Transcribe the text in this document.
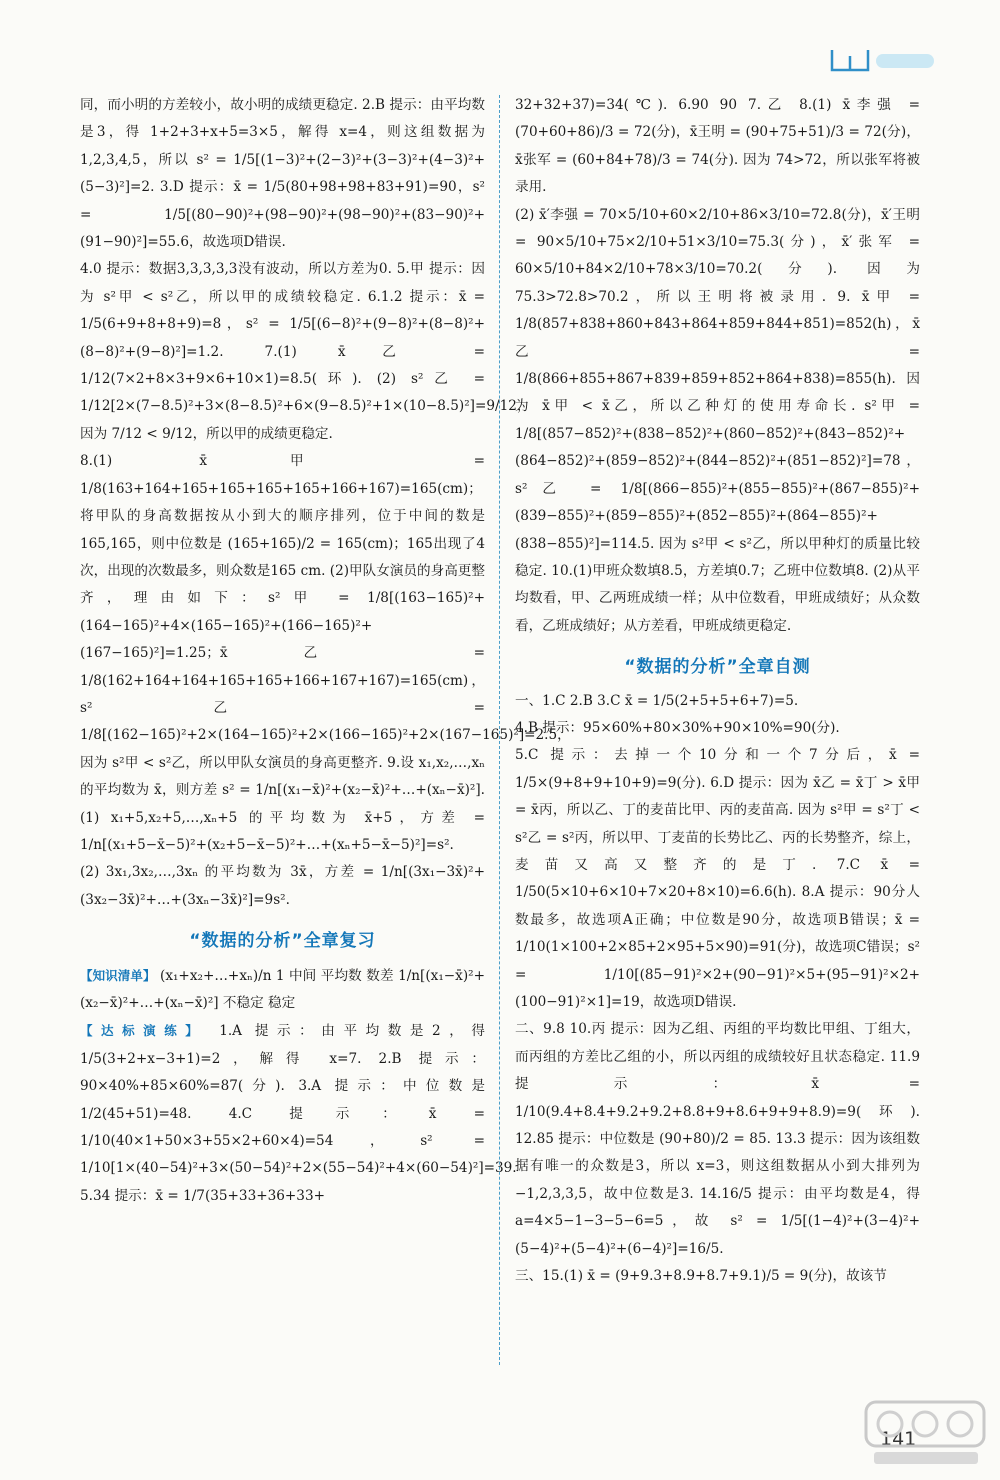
同，而小明的方差较小，故小明的成绩更稳定. 2.B 提示：由平均数是3，得 1+2+3+x+5=3×5，解得 x=4，则这组数据为1,2,3,4,5，所以 s² = 1/5[(1−3)²+(2−3)²+(3−3)²+(4−3)²+(5−3)²]=2. 3.D 提示：x̄ = 1/5(80+98+98+83+91)=90，s² = 1/5[(80−90)²+(98−90)²+(98−90)²+(83−90)²+(91−90)²]=55.6，故选项D错误.

4.0 提示：数据3,3,3,3,3没有波动，所以方差为0. 5.甲 提示：因为 s²甲 < s²乙，所以甲的成绩较稳定. 6.1.2 提示：x̄ = 1/5(6+9+8+8+9)=8，s² = 1/5[(6−8)²+(9−8)²+(8−8)²+(8−8)²+(9−8)²]=1.2. 7.(1) x̄乙 = 1/12(7×2+8×3+9×6+10×1)=8.5(环). (2) s²乙 = 1/12[2×(7−8.5)²+3×(8−8.5)²+6×(9−8.5)²+1×(10−8.5)²]=9/12，因为 7/12 < 9/12，所以甲的成绩更稳定.

8.(1) x̄甲 = 1/8(163+164+165+165+165+165+166+167)=165(cm)；将甲队的身高数据按从小到大的顺序排列，位于中间的数是165,165，则中位数是 (165+165)/2 = 165(cm)；165出现了4次，出现的次数最多，则众数是165 cm. (2)甲队女演员的身高更整齐，理由如下：s²甲 = 1/8[(163−165)²+(164−165)²+4×(165−165)²+(166−165)²+(167−165)²]=1.25；x̄乙 = 1/8(162+164+164+165+165+166+167+167)=165(cm)，s²乙 = 1/8[(162−165)²+2×(164−165)²+2×(166−165)²+2×(167−165)²]=2.5，因为 s²甲 < s²乙，所以甲队女演员的身高更整齐. 9.设 x₁,x₂,…,xₙ 的平均数为 x̄，则方差 s² = 1/n[(x₁−x̄)²+(x₂−x̄)²+…+(xₙ−x̄)²]. (1) x₁+5,x₂+5,…,xₙ+5 的平均数为 x̄+5，方差 = 1/n[(x₁+5−x̄−5)²+(x₂+5−x̄−5)²+…+(xₙ+5−x̄−5)²]=s².

(2) 3x₁,3x₂,…,3xₙ 的平均数为 3x̄，方差 = 1/n[(3x₁−3x̄)²+(3x₂−3x̄)²+…+(3xₙ−3x̄)²]=9s².

“数据的分析”全章复习

【知识清单】 (x₁+x₂+…+xₙ)/n 1 中间 平均数 数差 1/n[(x₁−x̄)²+(x₂−x̄)²+…+(xₙ−x̄)²] 不稳定 稳定

【达标演练】 1.A 提示：由平均数是2，得 1/5(3+2+x−3+1)=2，解得 x=7. 2.B 提示：90×40%+85×60%=87(分). 3.A 提示：中位数是 1/2(45+51)=48. 4.C 提示：x̄ = 1/10(40×1+50×3+55×2+60×4)=54，s² = 1/10[1×(40−54)²+3×(50−54)²+2×(55−54)²+4×(60−54)²]=39. 5.34 提示：x̄ = 1/7(35+33+36+33+

32+32+37)=34(℃). 6.90 90 7.乙 8.(1) x̄李强 = (70+60+86)/3 = 72(分)，x̄王明 = (90+75+51)/3 = 72(分)，x̄张军 = (60+84+78)/3 = 74(分). 因为 74>72，所以张军将被录用.

(2) x̄′李强 = 70×5/10+60×2/10+86×3/10=72.8(分)，x̄′王明 = 90×5/10+75×2/10+51×3/10=75.3(分)，x̄′张军 = 60×5/10+84×2/10+78×3/10=70.2(分). 因为 75.3>72.8>70.2，所以王明将被录用. 9. x̄甲 = 1/8(857+838+860+843+864+859+844+851)=852(h)，x̄乙 = 1/8(866+855+867+839+859+852+864+838)=855(h). 因为 x̄甲 < x̄乙，所以乙种灯的使用寿命长. s²甲 = 1/8[(857−852)²+(838−852)²+(860−852)²+(843−852)²+(864−852)²+(859−852)²+(844−852)²+(851−852)²]=78，s²乙 = 1/8[(866−855)²+(855−855)²+(867−855)²+(839−855)²+(859−855)²+(852−855)²+(864−855)²+(838−855)²]=114.5. 因为 s²甲 < s²乙，所以甲种灯的质量比较稳定. 10.(1)甲班众数填8.5，方差填0.7；乙班中位数填8. (2)从平均数看，甲、乙两班成绩一样；从中位数看，甲班成绩好；从众数看，乙班成绩好；从方差看，甲班成绩更稳定.

“数据的分析”全章自测

一、1.C 2.B 3.C x̄ = 1/5(2+5+5+6+7)=5.

4.B 提示：95×60%+80×30%+90×10%=90(分).

5.C 提示：去掉一个10分和一个7分后，x̄ = 1/5×(9+8+9+10+9)=9(分). 6.D 提示：因为 x̄乙 = x̄丁 > x̄甲 = x̄丙，所以乙、丁的麦苗比甲、丙的麦苗高. 因为 s²甲 = s²丁 < s²乙 = s²丙，所以甲、丁麦苗的长势比乙、丙的长势整齐，综上，麦苗又高又整齐的是丁. 7.C x̄ = 1/50(5×10+6×10+7×20+8×10)=6.6(h). 8.A 提示：90分人数最多，故选项A正确；中位数是90分，故选项B错误；x̄ = 1/10(1×100+2×85+2×95+5×90)=91(分)，故选项C错误；s² = 1/10[(85−91)²×2+(90−91)²×5+(95−91)²×2+(100−91)²×1]=19，故选项D错误.

二、9.8 10.丙 提示：因为乙组、丙组的平均数比甲组、丁组大，而丙组的方差比乙组的小，所以丙组的成绩较好且状态稳定. 11.9 提示：x̄ = 1/10(9.4+8.4+9.2+9.2+8.8+9+8.6+9+9+8.9)=9(环). 12.85 提示：中位数是 (90+80)/2 = 85. 13.3 提示：因为该组数据有唯一的众数是3，所以 x=3，则这组数据从小到大排列为−1,2,3,3,5，故中位数是3. 14.16/5 提示：由平均数是4，得 a=4×5−1−3−5−6=5，故 s² = 1/5[(1−4)²+(3−4)²+(5−4)²+(5−4)²+(6−4)²]=16/5.

三、15.(1) x̄ = (9+9.3+8.9+8.7+9.1)/5 = 9(分)，故该节

141
